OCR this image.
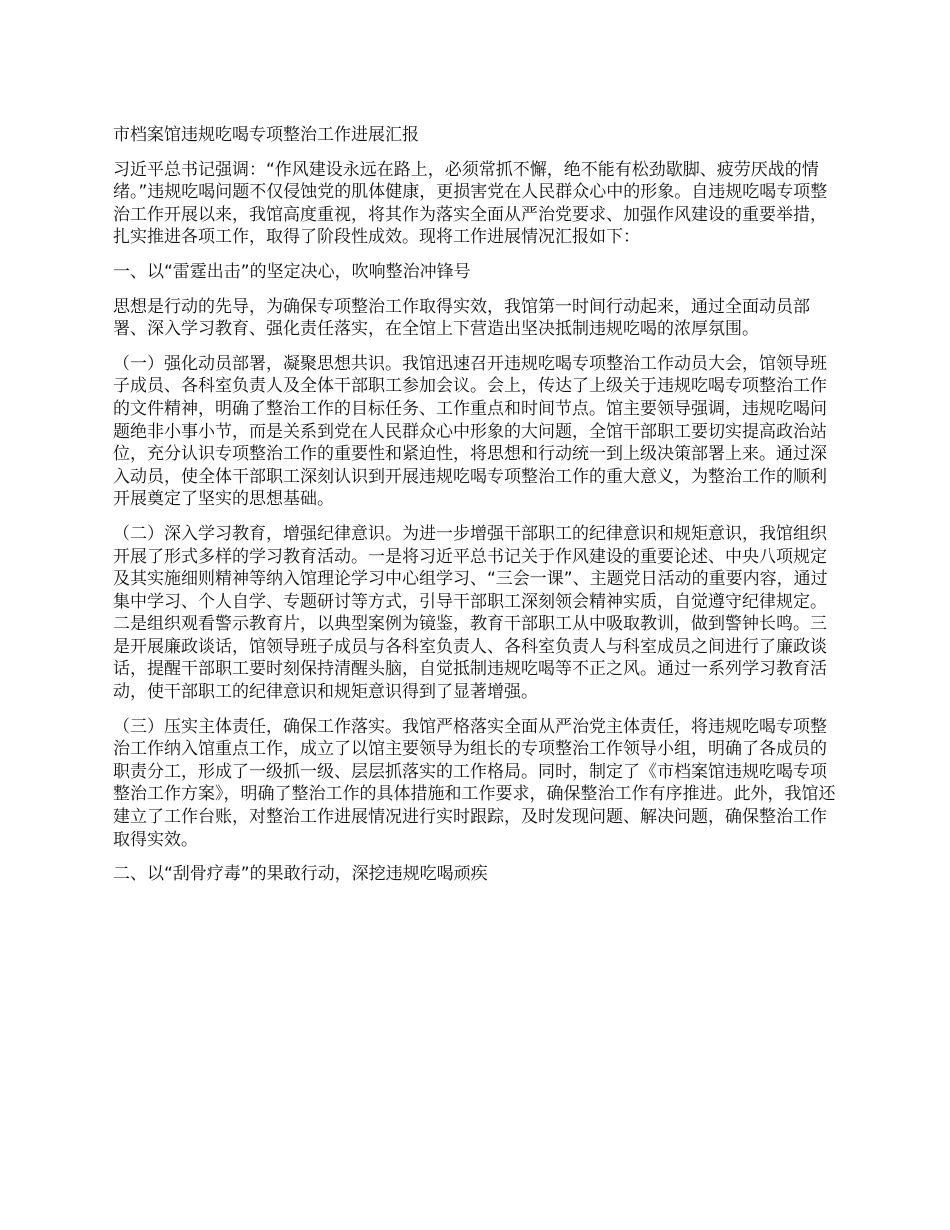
市档案馆违规吃喝专项整治工作进展汇报

习近平总书记强调：“作风建设永远在路上，必须常抓不懈，绝不能有松劲歇脚、疲劳厌战的情绪。”违规吃喝问题不仅侵蚀党的肌体健康，更损害党在人民群众心中的形象。自违规吃喝专项整治工作开展以来，我馆高度重视，将其作为落实全面从严治党要求、加强作风建设的重要举措，扎实推进各项工作，取得了阶段性成效。现将工作进展情况汇报如下：

一、以“雷霆出击”的坚定决心，吹响整治冲锋号

思想是行动的先导，为确保专项整治工作取得实效，我馆第一时间行动起来，通过全面动员部署、深入学习教育、强化责任落实，在全馆上下营造出坚决抵制违规吃喝的浓厚氛围。

（一）强化动员部署，凝聚思想共识。我馆迅速召开违规吃喝专项整治工作动员大会，馆领导班子成员、各科室负责人及全体干部职工参加会议。会上，传达了上级关于违规吃喝专项整治工作的文件精神，明确了整治工作的目标任务、工作重点和时间节点。馆主要领导强调，违规吃喝问题绝非小事小节，而是关系到党在人民群众心中形象的大问题，全馆干部职工要切实提高政治站位，充分认识专项整治工作的重要性和紧迫性，将思想和行动统一到上级决策部署上来。通过深入动员，使全体干部职工深刻认识到开展违规吃喝专项整治工作的重大意义，为整治工作的顺利开展奠定了坚实的思想基础。

（二）深入学习教育，增强纪律意识。为进一步增强干部职工的纪律意识和规矩意识，我馆组织开展了形式多样的学习教育活动。一是将习近平总书记关于作风建设的重要论述、中央八项规定及其实施细则精神等纳入馆理论学习中心组学习、“三会一课”、主题党日活动的重要内容，通过集中学习、个人自学、专题研讨等方式，引导干部职工深刻领会精神实质，自觉遵守纪律规定。二是组织观看警示教育片，以典型案例为镜鉴，教育干部职工从中吸取教训，做到警钟长鸣。三是开展廉政谈话，馆领导班子成员与各科室负责人、各科室负责人与科室成员之间进行了廉政谈话，提醒干部职工要时刻保持清醒头脑，自觉抵制违规吃喝等不正之风。通过一系列学习教育活动，使干部职工的纪律意识和规矩意识得到了显著增强。

（三）压实主体责任，确保工作落实。我馆严格落实全面从严治党主体责任，将违规吃喝专项整治工作纳入馆重点工作，成立了以馆主要领导为组长的专项整治工作领导小组，明确了各成员的职责分工，形成了一级抓一级、层层抓落实的工作格局。同时，制定了《市档案馆违规吃喝专项整治工作方案》，明确了整治工作的具体措施和工作要求，确保整治工作有序推进。此外，我馆还建立了工作台账，对整治工作进展情况进行实时跟踪，及时发现问题、解决问题，确保整治工作取得实效。

二、以“刮骨疗毒”的果敢行动，深挖违规吃喝顽疾
